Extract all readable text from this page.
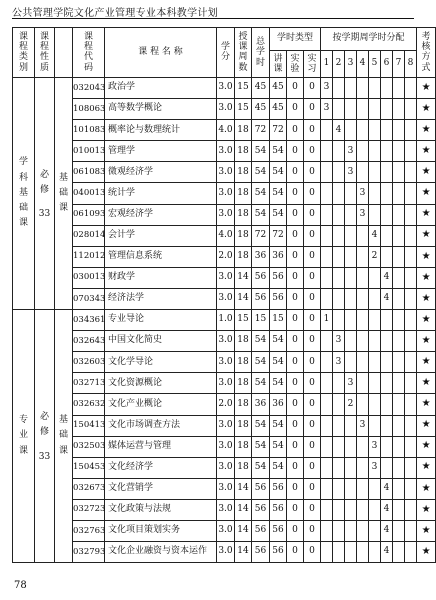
公共管理学院文化产业管理专业本科教学计划
课程类别	课程性质		课程代码	课 程 名 称	学分	授课周数	总学时	学时类型			按学期周学时分配								考核方式
								讲课	实验	实习	1	2	3	4	5	6	7	8	
学科基础课	必修
33	基础课	032043	政治学	3.0	15	45	45	0	0	3								★
			108063	高等数学概论	3.0	15	45	45	0	0	3								★
			101083	概率论与数理统计	4.0	18	72	72	0	0		4							★
			010013	管理学	3.0	18	54	54	0	0			3						★
			061083	微观经济学	3.0	18	54	54	0	0			3						★
			040013	统计学	3.0	18	54	54	0	0				3					★
			061093	宏观经济学	3.0	18	54	54	0	0				3					★
			028014	会计学	4.0	18	72	72	0	0					4				★
			112012	管理信息系统	2.0	18	36	36	0	0					2				★
			030013	财政学	3.0	14	56	56	0	0						4			★
			070343	经济法学	3.0	14	56	56	0	0						4			★
专业课	必修
33	基础课	034361	专业导论	1.0	15	15	15	0	0	1								★
			032643	中国文化简史	3.0	18	54	54	0	0		3							★
			032603	文化学导论	3.0	18	54	54	0	0		3							★
			032713	文化资源概论	3.0	18	54	54	0	0			3						★
			032632	文化产业概论	2.0	18	36	36	0	0			2						★
			150413	文化市场调查方法	3.0	18	54	54	0	0				3					★
			032503	媒体运营与管理	3.0	18	54	54	0	0					3				★
			150453	文化经济学	3.0	18	54	54	0	0					3				★
			032673	文化营销学	3.0	14	56	56	0	0						4			★
			032723	文化政策与法规	3.0	14	56	56	0	0						4			★
			032763	文化项目策划实务	3.0	14	56	56	0	0						4			★
			032793	文化企业融资与资本运作	3.0	14	56	56	0	0						4			★
78
